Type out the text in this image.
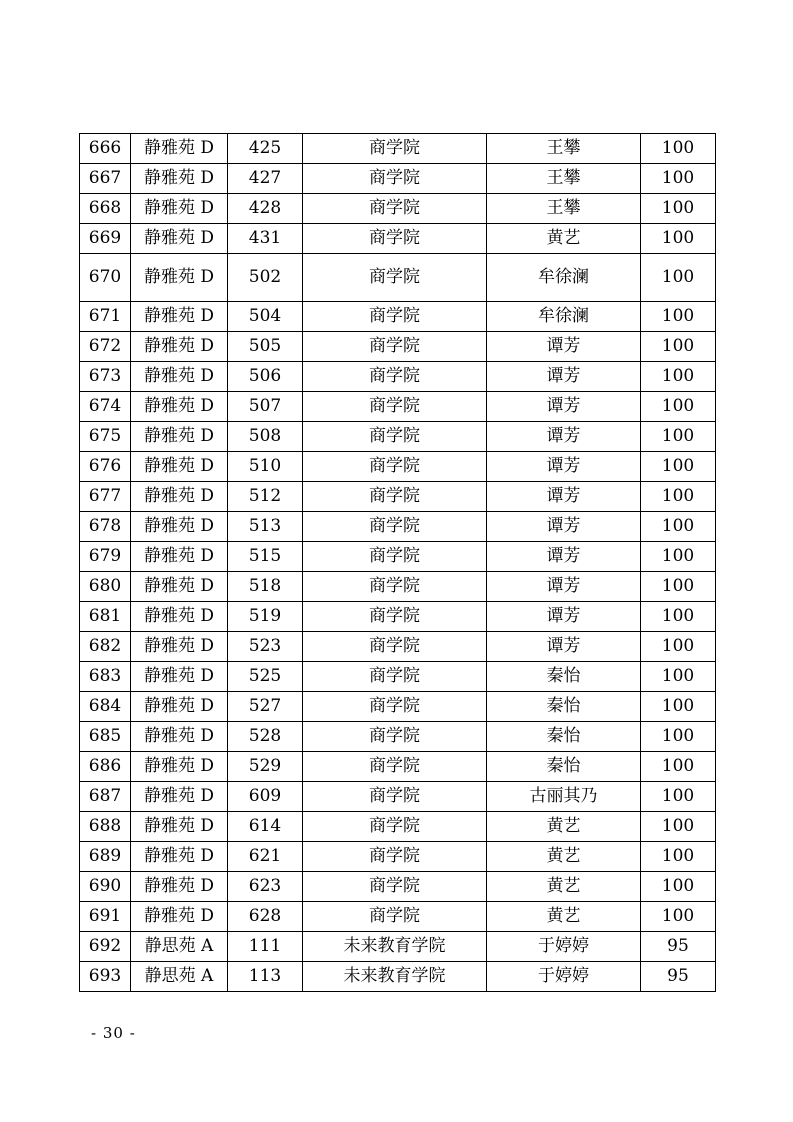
666	静雅苑 D	425	商学院	王攀	100
667	静雅苑 D	427	商学院	王攀	100
668	静雅苑 D	428	商学院	王攀	100
669	静雅苑 D	431	商学院	黄艺	100
670	静雅苑 D	502	商学院	牟徐澜	100
671	静雅苑 D	504	商学院	牟徐澜	100
672	静雅苑 D	505	商学院	谭芳	100
673	静雅苑 D	506	商学院	谭芳	100
674	静雅苑 D	507	商学院	谭芳	100
675	静雅苑 D	508	商学院	谭芳	100
676	静雅苑 D	510	商学院	谭芳	100
677	静雅苑 D	512	商学院	谭芳	100
678	静雅苑 D	513	商学院	谭芳	100
679	静雅苑 D	515	商学院	谭芳	100
680	静雅苑 D	518	商学院	谭芳	100
681	静雅苑 D	519	商学院	谭芳	100
682	静雅苑 D	523	商学院	谭芳	100
683	静雅苑 D	525	商学院	秦怡	100
684	静雅苑 D	527	商学院	秦怡	100
685	静雅苑 D	528	商学院	秦怡	100
686	静雅苑 D	529	商学院	秦怡	100
687	静雅苑 D	609	商学院	古丽其乃	100
688	静雅苑 D	614	商学院	黄艺	100
689	静雅苑 D	621	商学院	黄艺	100
690	静雅苑 D	623	商学院	黄艺	100
691	静雅苑 D	628	商学院	黄艺	100
692	静思苑 A	111	未来教育学院	于婷婷	95
693	静思苑 A	113	未来教育学院	于婷婷	95
- 30 -
